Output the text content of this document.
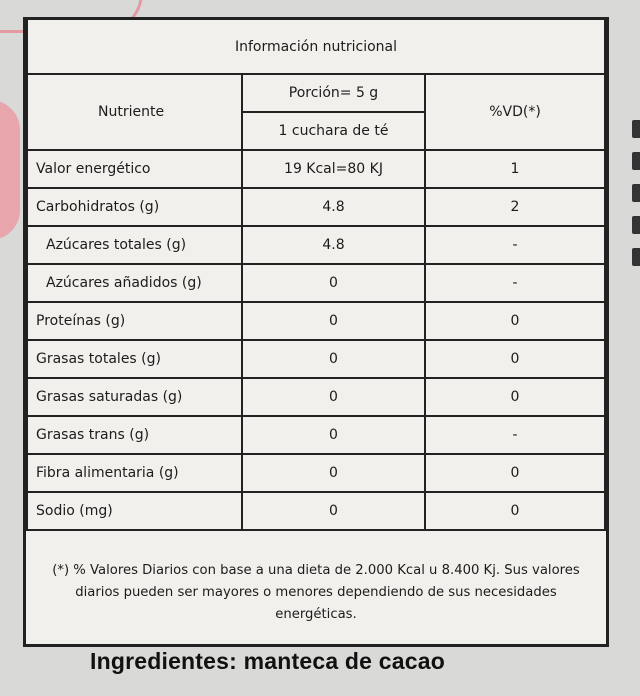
Información nutricional		
Nutriente	Porción= 5 g	%VD(*)
	1 cuchara de té	
Valor energético	19 Kcal=80 KJ	1
Carbohidratos (g)	4.8	2
Azúcares totales (g)	4.8	-
Azúcares añadidos (g)	0	-
Proteínas (g)	0	0
Grasas totales (g)	0	0
Grasas saturadas (g)	0	0
Grasas trans (g)	0	-
Fibra alimentaria (g)	0	0
Sodio (mg)	0	0
(*) % Valores Diarios con base a una dieta de 2.000 Kcal u 8.400 Kj. Sus valores diarios pueden ser mayores o menores dependiendo de sus necesidades energéticas.
Ingredientes: manteca de cacao
